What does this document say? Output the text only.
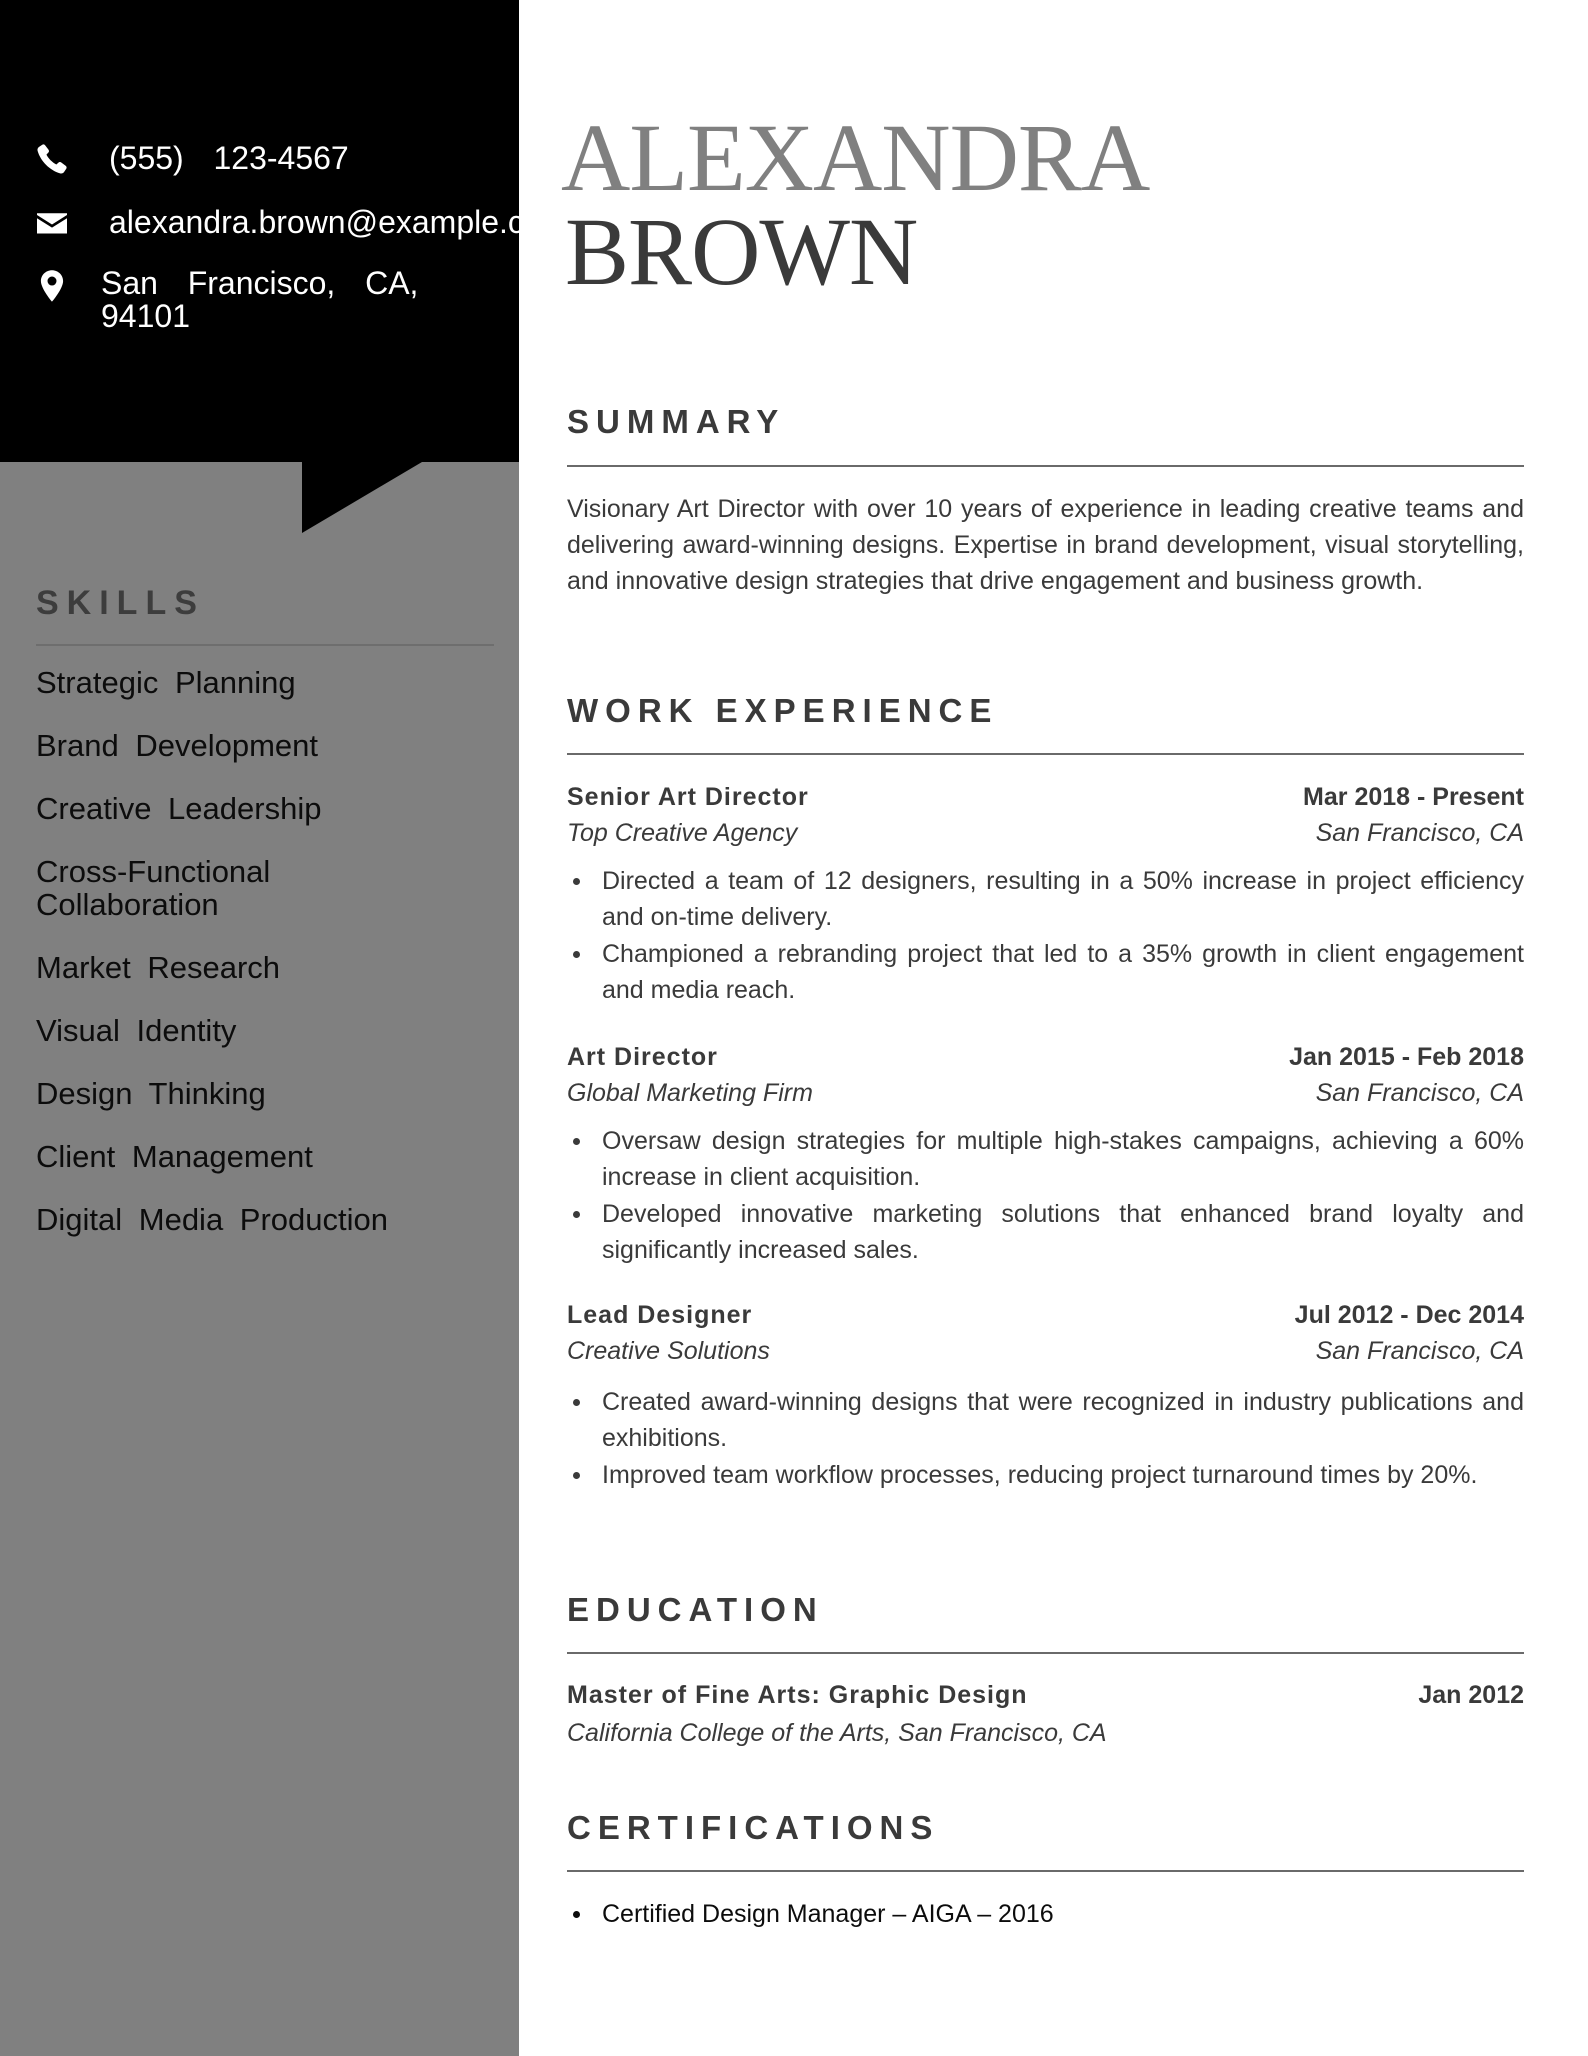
(555)  123-4567
alexandra.brown@example.com
San  Francisco,  CA,
94101
SKILLS
Strategic Planning
Brand Development
Creative Leadership
Cross-Functional Collaboration
Market Research
Visual Identity
Design Thinking
Client Management
Digital Media Production
ALEXANDRA
BROWN
SUMMARY

Visionary Art Director with over 10 years of experience in leading creative teams and delivering award-winning designs. Expertise in brand development, visual storytelling, and innovative design strategies that drive engagement and business growth.

WORK EXPERIENCE
Senior Art Director	Mar 2018 - Present
Top Creative Agency	San Francisco, CA
Directed a team of 12 designers, resulting in a 50% increase in project efficiency and on-time delivery.
Championed a rebranding project that led to a 35% growth in client engagement and media reach.
Art Director	Jan 2015 - Feb 2018
Global Marketing Firm	San Francisco, CA
Oversaw design strategies for multiple high-stakes campaigns, achieving a 60% increase in client acquisition.
Developed innovative marketing solutions that enhanced brand loyalty and significantly increased sales.
Lead Designer	Jul 2012 - Dec 2014
Creative Solutions	San Francisco, CA
Created award-winning designs that were recognized in industry publications and exhibitions.
Improved team workflow processes, reducing project turnaround times by 20%.
EDUCATION
Master of Fine Arts: Graphic Design	Jan 2012
California College of the Arts, San Francisco, CA
CERTIFICATIONS
Certified Design Manager – AIGA – 2016
